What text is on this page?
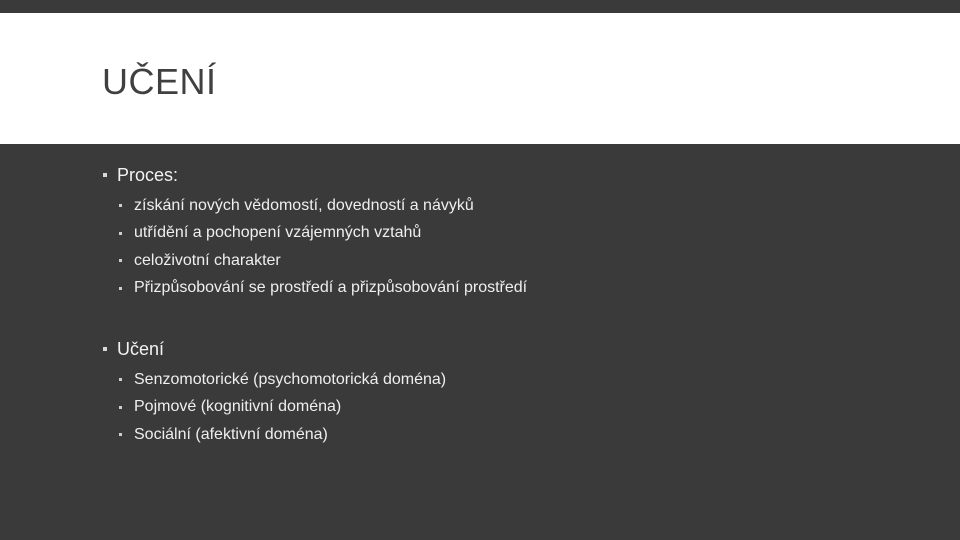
UČENÍ
Proces:
získání nových vědomostí, dovedností a návyků
utřídění a pochopení vzájemných vztahů
celoživotní charakter
Přizpůsobování se prostředí a přizpůsobování prostředí
Učení
Senzomotorické (psychomotorická doména)
Pojmové (kognitivní doména)
Sociální (afektivní doména)
